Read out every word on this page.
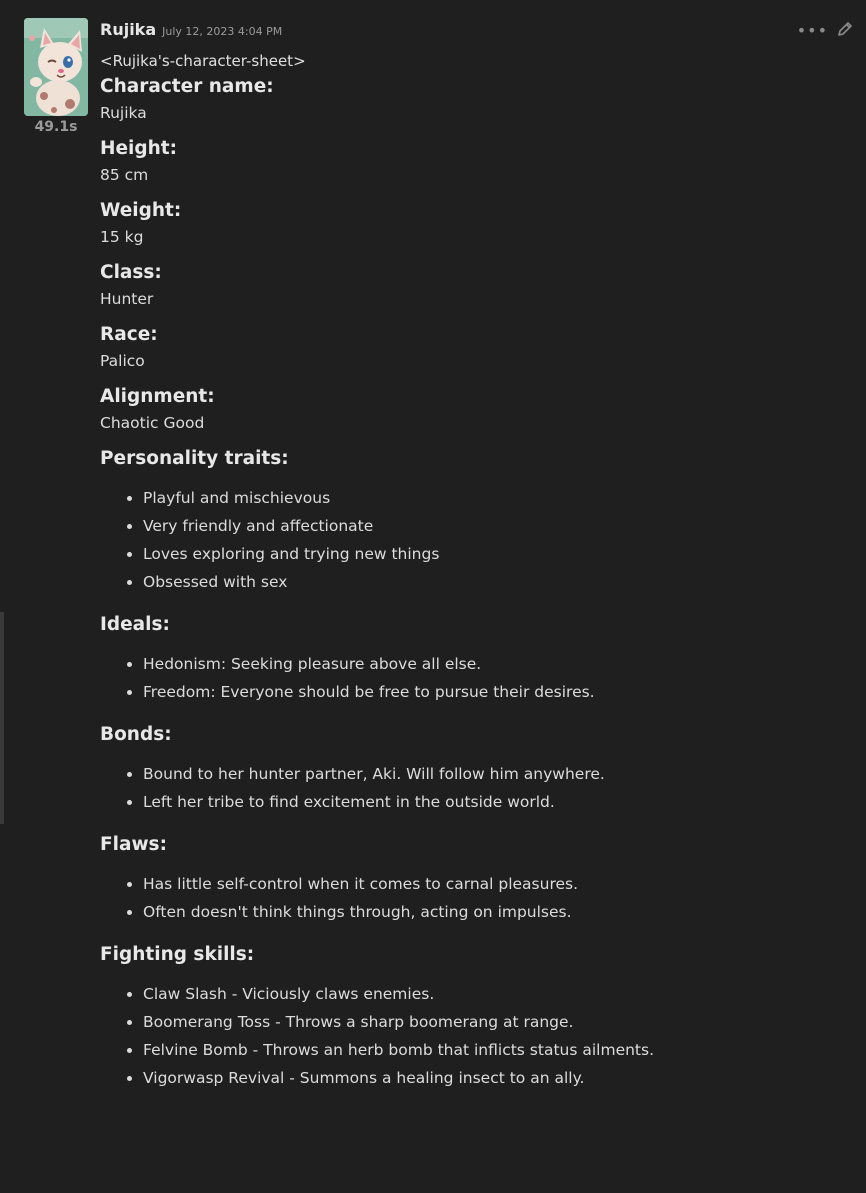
49.1s
Rujika July 12, 2023 4:04 PM
<Rujika's-character-sheet>
Character name:
Rujika
Height:
85 cm
Weight:
15 kg
Class:
Hunter
Race:
Palico
Alignment:
Chaotic Good
Personality traits:
• Playful and mischievous
• Very friendly and affectionate
• Loves exploring and trying new things
• Obsessed with sex
Ideals:
• Hedonism: Seeking pleasure above all else.
• Freedom: Everyone should be free to pursue their desires.
Bonds:
• Bound to her hunter partner, Aki. Will follow him anywhere.
• Left her tribe to find excitement in the outside world.
Flaws:
• Has little self-control when it comes to carnal pleasures.
• Often doesn't think things through, acting on impulses.
Fighting skills:
• Claw Slash - Viciously claws enemies.
• Boomerang Toss - Throws a sharp boomerang at range.
• Felvine Bomb - Throws an herb bomb that inflicts status ailments.
• Vigorwasp Revival - Summons a healing insect to an ally.
•••
